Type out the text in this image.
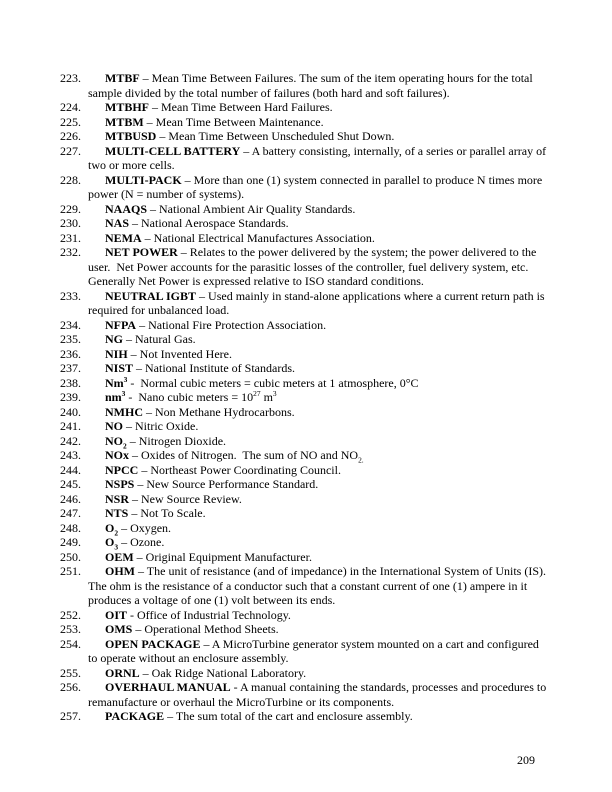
223. MTBF – Mean Time Between Failures. The sum of the item operating hours for the total sample divided by the total number of failures (both hard and soft failures).

224. MTBHF – Mean Time Between Hard Failures.

225. MTBM – Mean Time Between Maintenance.

226. MTBUSD – Mean Time Between Unscheduled Shut Down.

227. MULTI-CELL BATTERY – A battery consisting, internally, of a series or parallel array of two or more cells.

228. MULTI-PACK – More than one (1) system connected in parallel to produce N times more power (N = number of systems).

229. NAAQS – National Ambient Air Quality Standards.

230. NAS – National Aerospace Standards.

231. NEMA – National Electrical Manufactures Association.

232. NET POWER – Relates to the power delivered by the system; the power delivered to the user.  Net Power accounts for the parasitic losses of the controller, fuel delivery system, etc. Generally Net Power is expressed relative to ISO standard conditions.

233. NEUTRAL IGBT – Used mainly in stand-alone applications where a current return path is required for unbalanced load.

234. NFPA – National Fire Protection Association.

235. NG – Natural Gas.

236. NIH – Not Invented Here.

237. NIST – National Institute of Standards.

238. Nm$^3$ -  Normal cubic meters = cubic meters at 1 atmosphere, 0°C

239. $nm^3$ -  Nano cubic meters = $10^{27}$ $m^3$

240. NMHC – Non Methane Hydrocarbons.

241. NO – Nitric Oxide.

242. $NO_2$ – Nitrogen Dioxide.

243. NOx – Oxides of Nitrogen.  The sum of NO and $NO_{2.}$

244. NPCC – Northeast Power Coordinating Council.

245. NSPS – New Source Performance Standard.

246. NSR – New Source Review.

247. NTS – Not To Scale.

248. $O_2$ – Oxygen.

249. $O_3$ – Ozone.

250. OEM – Original Equipment Manufacturer.

251. OHM – The unit of resistance (and of impedance) in the International System of Units (IS).  The ohm is the resistance of a conductor such that a constant current of one (1) ampere in it produces a voltage of one (1) volt between its ends.

252. OIT - Office of Industrial Technology.

253. OMS – Operational Method Sheets.

254. OPEN PACKAGE – A MicroTurbine generator system mounted on a cart and configured to operate without an enclosure assembly.

255. ORNL – Oak Ridge National Laboratory.

256. OVERHAUL MANUAL - A manual containing the standards, processes and procedures to remanufacture or overhaul the MicroTurbine or its components.

257. PACKAGE – The sum total of the cart and enclosure assembly.

209
